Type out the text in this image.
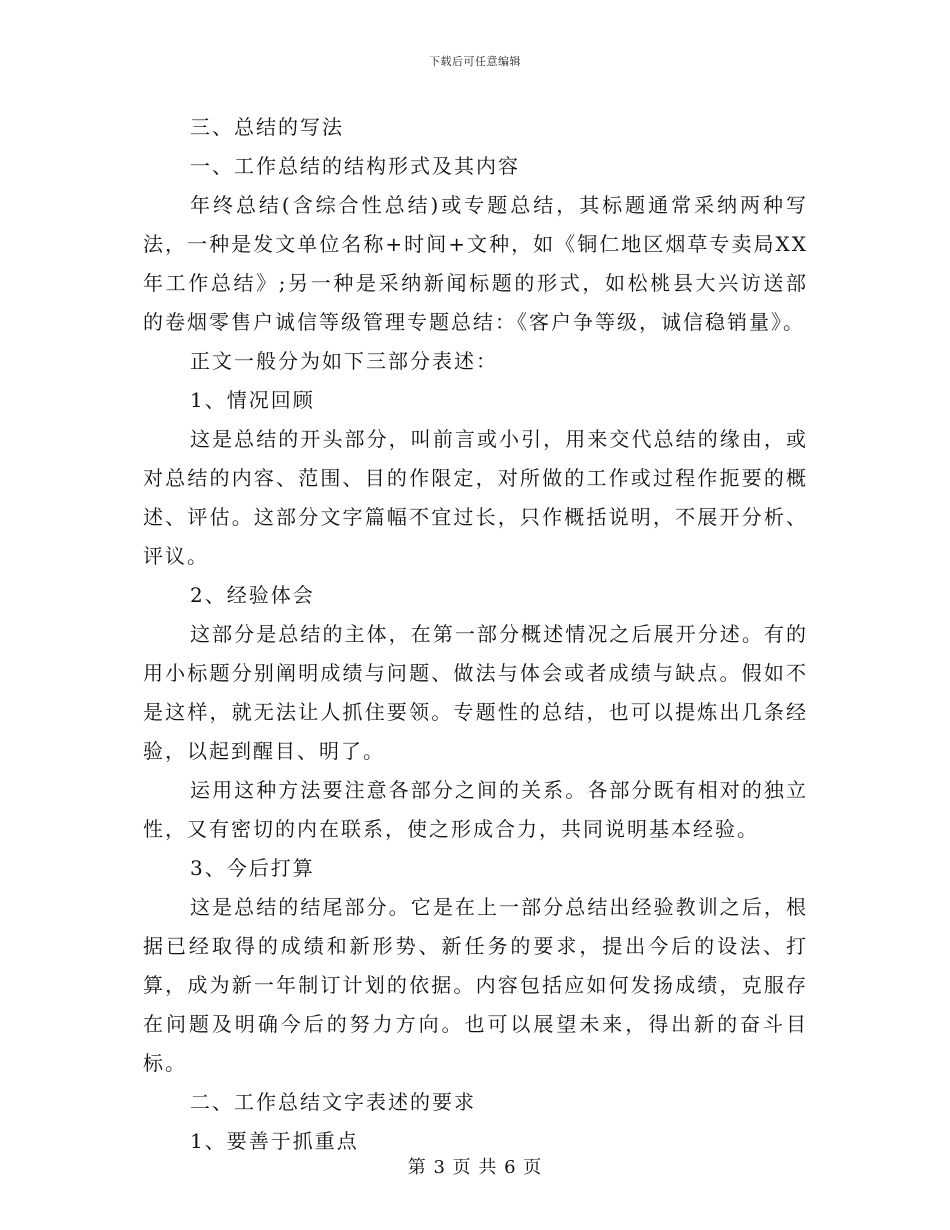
下载后可任意编辑

三、总结的写法

一、工作总结的结构形式及其内容

年终总结(含综合性总结)或专题总结，其标题通常采纳两种写法，一种是发文单位名称+时间+文种，如《铜仁地区烟草专卖局XX年工作总结》;另一种是采纳新闻标题的形式，如松桃县大兴访送部的卷烟零售户诚信等级管理专题总结：《客户争等级，诚信稳销量》。

正文一般分为如下三部分表述：

1、情况回顾

这是总结的开头部分，叫前言或小引，用来交代总结的缘由，或对总结的内容、范围、目的作限定，对所做的工作或过程作扼要的概述、评估。这部分文字篇幅不宜过长，只作概括说明，不展开分析、评议。

2、经验体会

这部分是总结的主体，在第一部分概述情况之后展开分述。有的用小标题分别阐明成绩与问题、做法与体会或者成绩与缺点。假如不是这样，就无法让人抓住要领。专题性的总结，也可以提炼出几条经验，以起到醒目、明了。

运用这种方法要注意各部分之间的关系。各部分既有相对的独立性，又有密切的内在联系，使之形成合力，共同说明基本经验。

3、今后打算

这是总结的结尾部分。它是在上一部分总结出经验教训之后，根据已经取得的成绩和新形势、新任务的要求，提出今后的设法、打算，成为新一年制订计划的依据。内容包括应如何发扬成绩，克服存在问题及明确今后的努力方向。也可以展望未来，得出新的奋斗目标。

二、工作总结文字表述的要求

1、要善于抓重点

第 3 页 共 6 页
